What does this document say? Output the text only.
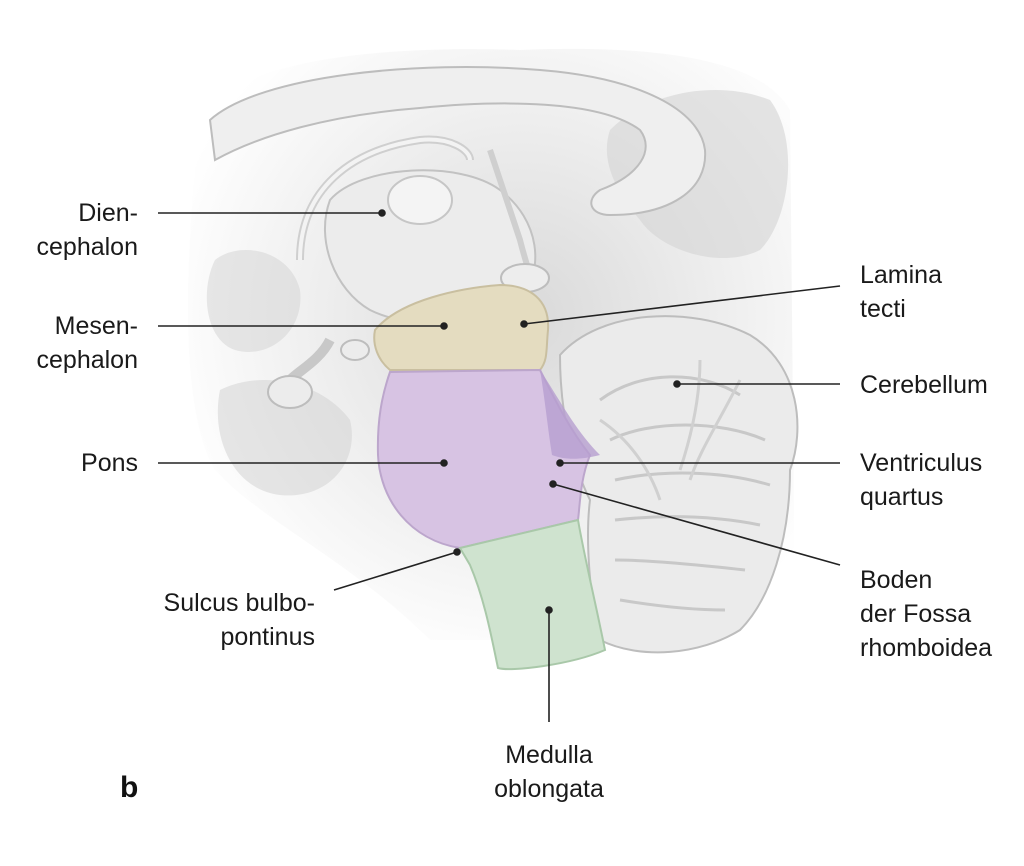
Dien-
cephalon
Mesen-
cephalon
Pons
Sulcus bulbo-
pontinus
Lamina
tecti
Cerebellum
Ventriculus
quartus
Boden
der Fossa
rhomboidea
Medulla
oblongata
b
